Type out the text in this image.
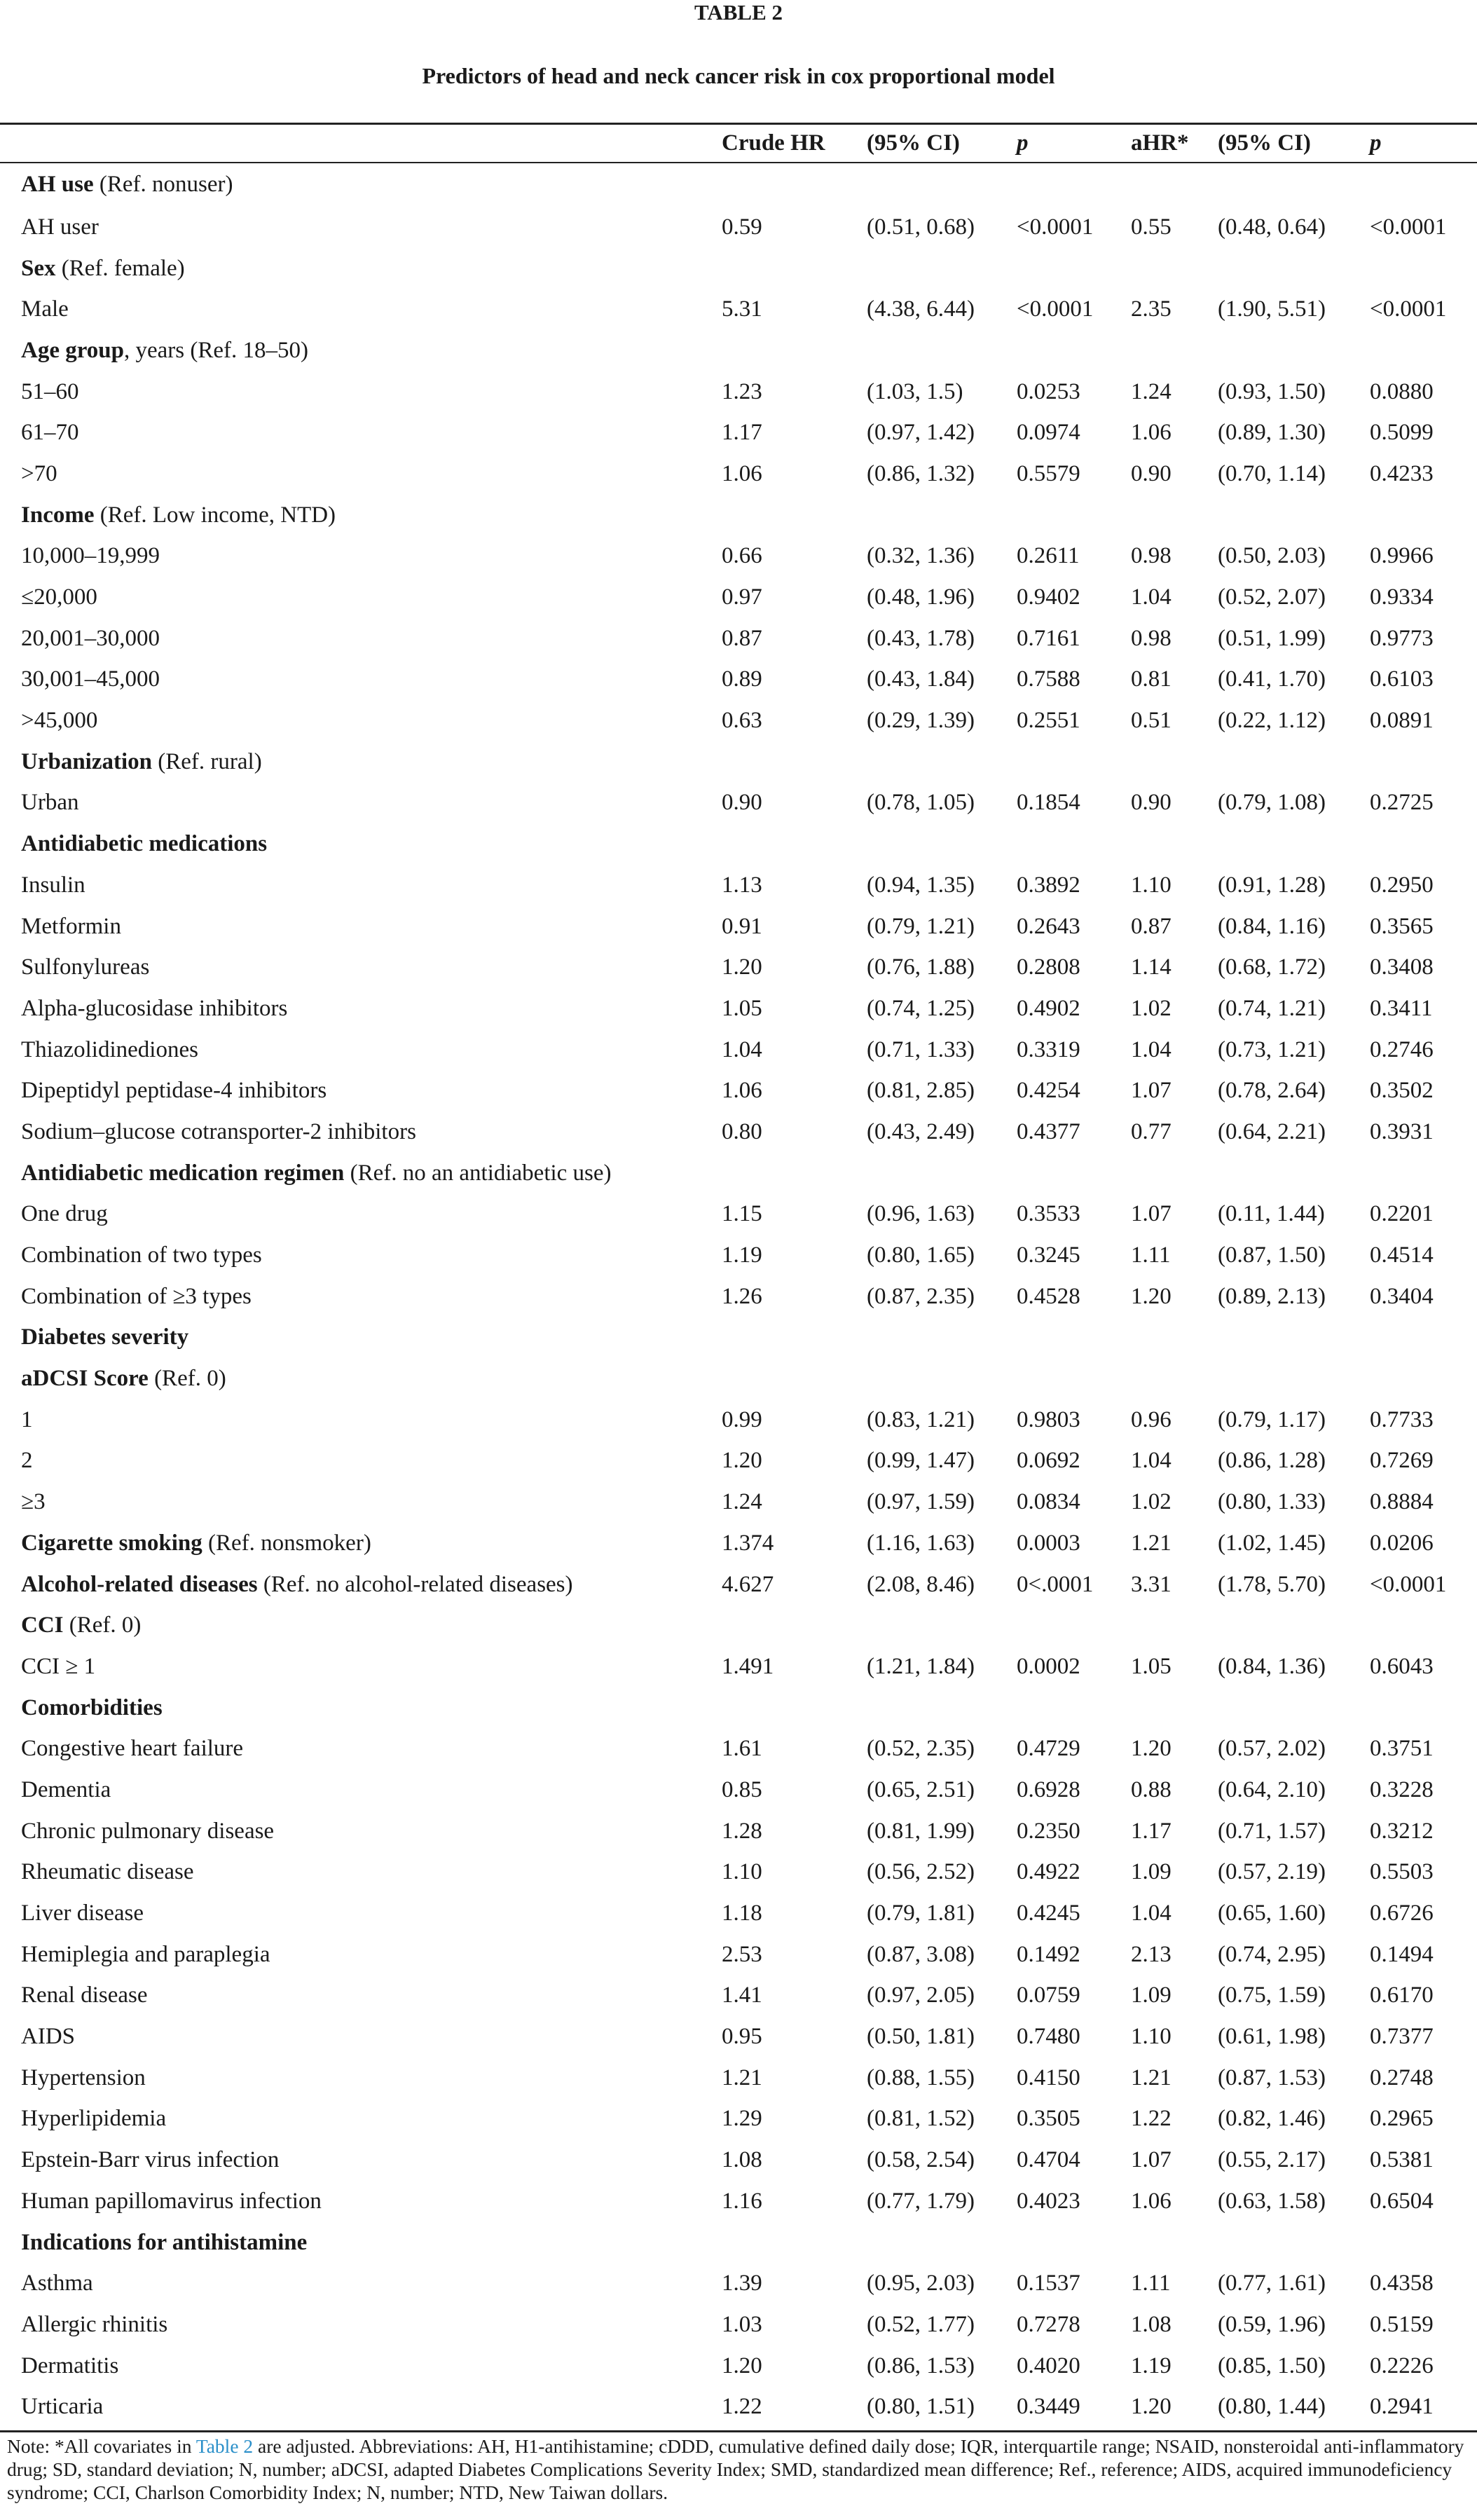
TABLE 2
Predictors of head and neck cancer risk in cox proportional model
	Crude HR	(95% CI)	p	aHR*	(95% CI)	p
AH use (Ref. nonuser)						
AH user	0.59	(0.51, 0.68)	<0.0001	0.55	(0.48, 0.64)	<0.0001
Sex (Ref. female)						
Male	5.31	(4.38, 6.44)	<0.0001	2.35	(1.90, 5.51)	<0.0001
Age group, years (Ref. 18–50)						
51–60	1.23	(1.03, 1.5)	0.0253	1.24	(0.93, 1.50)	0.0880
61–70	1.17	(0.97, 1.42)	0.0974	1.06	(0.89, 1.30)	0.5099
>70	1.06	(0.86, 1.32)	0.5579	0.90	(0.70, 1.14)	0.4233
Income (Ref. Low income, NTD)						
10,000–19,999	0.66	(0.32, 1.36)	0.2611	0.98	(0.50, 2.03)	0.9966
≤20,000	0.97	(0.48, 1.96)	0.9402	1.04	(0.52, 2.07)	0.9334
20,001–30,000	0.87	(0.43, 1.78)	0.7161	0.98	(0.51, 1.99)	0.9773
30,001–45,000	0.89	(0.43, 1.84)	0.7588	0.81	(0.41, 1.70)	0.6103
>45,000	0.63	(0.29, 1.39)	0.2551	0.51	(0.22, 1.12)	0.0891
Urbanization (Ref. rural)						
Urban	0.90	(0.78, 1.05)	0.1854	0.90	(0.79, 1.08)	0.2725
Antidiabetic medications						
Insulin	1.13	(0.94, 1.35)	0.3892	1.10	(0.91, 1.28)	0.2950
Metformin	0.91	(0.79, 1.21)	0.2643	0.87	(0.84, 1.16)	0.3565
Sulfonylureas	1.20	(0.76, 1.88)	0.2808	1.14	(0.68, 1.72)	0.3408
Alpha-glucosidase inhibitors	1.05	(0.74, 1.25)	0.4902	1.02	(0.74, 1.21)	0.3411
Thiazolidinediones	1.04	(0.71, 1.33)	0.3319	1.04	(0.73, 1.21)	0.2746
Dipeptidyl peptidase-4 inhibitors	1.06	(0.81, 2.85)	0.4254	1.07	(0.78, 2.64)	0.3502
Sodium–glucose cotransporter-2 inhibitors	0.80	(0.43, 2.49)	0.4377	0.77	(0.64, 2.21)	0.3931
Antidiabetic medication regimen (Ref. no an antidiabetic use)						
One drug	1.15	(0.96, 1.63)	0.3533	1.07	(0.11, 1.44)	0.2201
Combination of two types	1.19	(0.80, 1.65)	0.3245	1.11	(0.87, 1.50)	0.4514
Combination of ≥3 types	1.26	(0.87, 2.35)	0.4528	1.20	(0.89, 2.13)	0.3404
Diabetes severity						
aDCSI Score (Ref. 0)						
1	0.99	(0.83, 1.21)	0.9803	0.96	(0.79, 1.17)	0.7733
2	1.20	(0.99, 1.47)	0.0692	1.04	(0.86, 1.28)	0.7269
≥3	1.24	(0.97, 1.59)	0.0834	1.02	(0.80, 1.33)	0.8884
Cigarette smoking (Ref. nonsmoker)	1.374	(1.16, 1.63)	0.0003	1.21	(1.02, 1.45)	0.0206
Alcohol-related diseases (Ref. no alcohol-related diseases)	4.627	(2.08, 8.46)	0<.0001	3.31	(1.78, 5.70)	<0.0001
CCI (Ref. 0)						
CCI ≥ 1	1.491	(1.21, 1.84)	0.0002	1.05	(0.84, 1.36)	0.6043
Comorbidities						
Congestive heart failure	1.61	(0.52, 2.35)	0.4729	1.20	(0.57, 2.02)	0.3751
Dementia	0.85	(0.65, 2.51)	0.6928	0.88	(0.64, 2.10)	0.3228
Chronic pulmonary disease	1.28	(0.81, 1.99)	0.2350	1.17	(0.71, 1.57)	0.3212
Rheumatic disease	1.10	(0.56, 2.52)	0.4922	1.09	(0.57, 2.19)	0.5503
Liver disease	1.18	(0.79, 1.81)	0.4245	1.04	(0.65, 1.60)	0.6726
Hemiplegia and paraplegia	2.53	(0.87, 3.08)	0.1492	2.13	(0.74, 2.95)	0.1494
Renal disease	1.41	(0.97, 2.05)	0.0759	1.09	(0.75, 1.59)	0.6170
AIDS	0.95	(0.50, 1.81)	0.7480	1.10	(0.61, 1.98)	0.7377
Hypertension	1.21	(0.88, 1.55)	0.4150	1.21	(0.87, 1.53)	0.2748
Hyperlipidemia	1.29	(0.81, 1.52)	0.3505	1.22	(0.82, 1.46)	0.2965
Epstein-Barr virus infection	1.08	(0.58, 2.54)	0.4704	1.07	(0.55, 2.17)	0.5381
Human papillomavirus infection	1.16	(0.77, 1.79)	0.4023	1.06	(0.63, 1.58)	0.6504
Indications for antihistamine						
Asthma	1.39	(0.95, 2.03)	0.1537	1.11	(0.77, 1.61)	0.4358
Allergic rhinitis	1.03	(0.52, 1.77)	0.7278	1.08	(0.59, 1.96)	0.5159
Dermatitis	1.20	(0.86, 1.53)	0.4020	1.19	(0.85, 1.50)	0.2226
Urticaria	1.22	(0.80, 1.51)	0.3449	1.20	(0.80, 1.44)	0.2941
Note: *All covariates in Table 2 are adjusted. Abbreviations: AH, H1-antihistamine; cDDD, cumulative defined daily dose; IQR, interquartile range; NSAID, nonsteroidal anti-inflammatory drug; SD, standard deviation; N, number; aDCSI, adapted Diabetes Complications Severity Index; SMD, standardized mean difference; Ref., reference; AIDS, acquired immunodeficiency syndrome; CCI, Charlson Comorbidity Index; N, number; NTD, New Taiwan dollars.
